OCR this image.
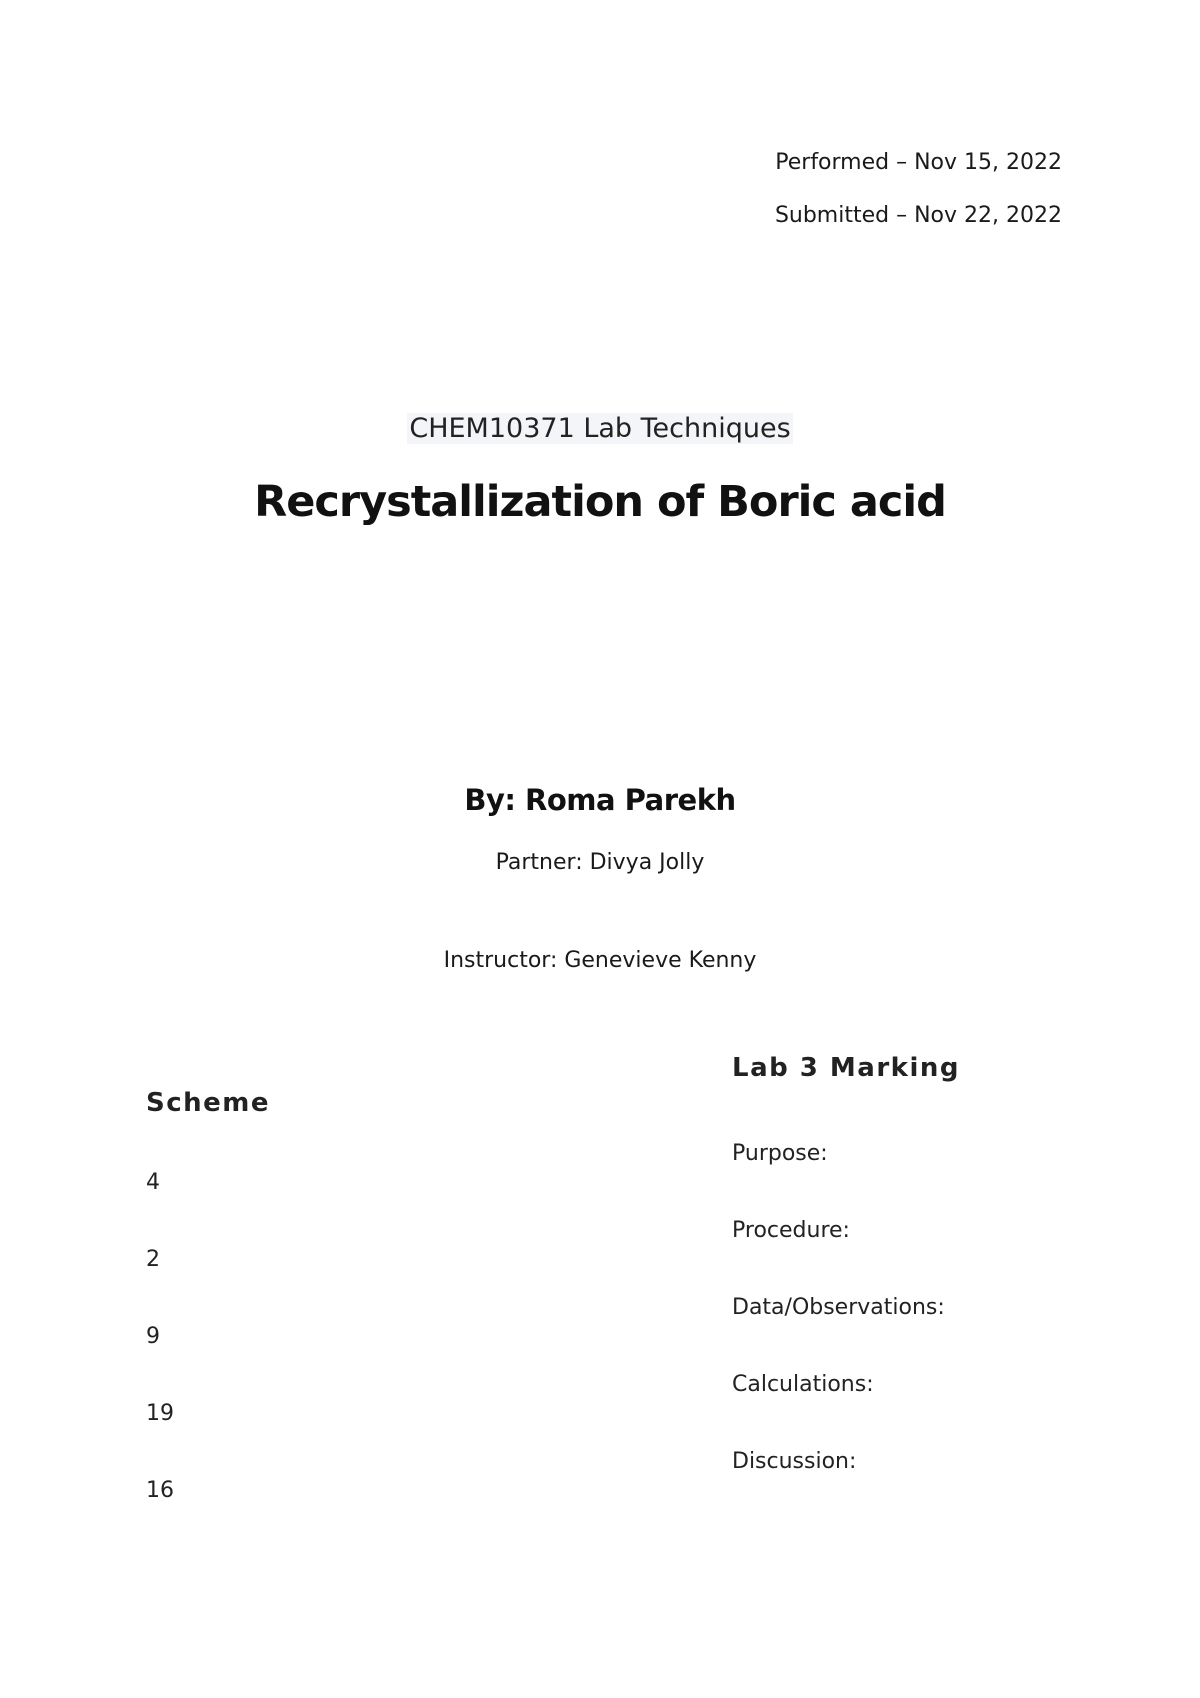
Performed – Nov 15, 2022
Submitted – Nov 22, 2022
CHEM10371 Lab Techniques
Recrystallization of Boric acid
By: Roma Parekh
Partner: Divya Jolly
Instructor: Genevieve Kenny
Lab 3 Marking
Scheme
Purpose:
Procedure:
Data/Observations:
Calculations:
Discussion:
4
2
9
19
16
